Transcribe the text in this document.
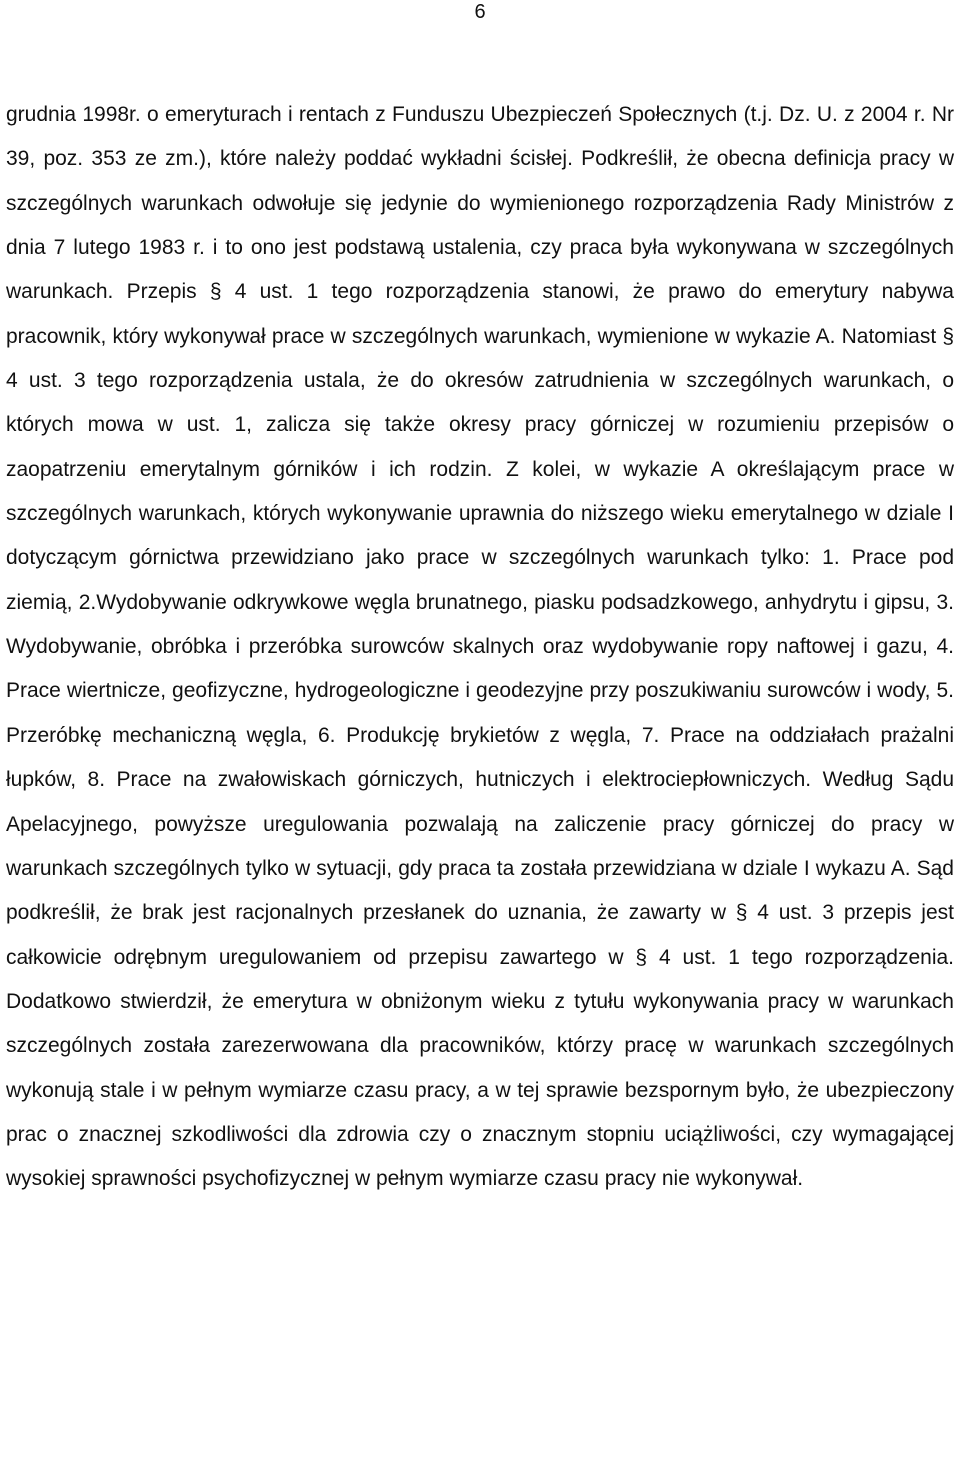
6

grudnia 1998r. o emeryturach i rentach z Funduszu Ubezpieczeń Społecznych (t.j. Dz. U. z 2004 r. Nr 39, poz. 353 ze zm.), które należy poddać wykładni ścisłej. Podkreślił, że obecna definicja pracy w szczególnych warunkach odwołuje się jedynie do wymienionego rozporządzenia Rady Ministrów z dnia 7 lutego 1983 r. i to ono jest podstawą ustalenia, czy praca była wykonywana w szczególnych warunkach. Przepis § 4 ust. 1 tego rozporządzenia stanowi, że prawo do emerytury nabywa pracownik, który wykonywał prace w szczególnych warunkach, wymienione w wykazie A. Natomiast § 4 ust. 3 tego rozporządzenia ustala, że do okresów zatrudnienia w szczególnych warunkach, o których mowa w ust. 1, zalicza się także okresy pracy górniczej w rozumieniu przepisów o zaopatrzeniu emerytalnym górników i ich rodzin. Z kolei, w wykazie A określającym prace w szczególnych warunkach, których wykonywanie uprawnia do niższego wieku emerytalnego w dziale I dotyczącym górnictwa przewidziano jako prace w szczególnych warunkach tylko: 1. Prace pod ziemią, 2.Wydobywanie odkrywkowe węgla brunatnego, piasku podsadzkowego, anhydrytu i gipsu, 3. Wydobywanie, obróbka i przeróbka surowców skalnych oraz wydobywanie ropy naftowej i gazu, 4. Prace wiertnicze, geofizyczne, hydrogeologiczne i geodezyjne przy poszukiwaniu surowców i wody, 5. Przeróbkę mechaniczną węgla, 6. Produkcję brykietów z węgla, 7. Prace na oddziałach prażalni łupków, 8. Prace na zwałowiskach górniczych, hutniczych i elektrociepłowniczych. Według Sądu Apelacyjnego, powyższe uregulowania pozwalają na zaliczenie pracy górniczej do pracy w warunkach szczególnych tylko w sytuacji, gdy praca ta została przewidziana w dziale I wykazu A. Sąd podkreślił, że brak jest racjonalnych przesłanek do uznania, że zawarty w § 4 ust. 3 przepis jest całkowicie odrębnym uregulowaniem od przepisu zawartego w § 4 ust. 1 tego rozporządzenia. Dodatkowo stwierdził, że emerytura w obniżonym wieku z tytułu wykonywania pracy w warunkach szczególnych została zarezerwowana dla pracowników, którzy pracę w warunkach szczególnych wykonują stale i w pełnym wymiarze czasu pracy, a w tej sprawie bezspornym było, że ubezpieczony prac o znacznej szkodliwości dla zdrowia czy o znacznym stopniu uciążliwości, czy wymagającej wysokiej sprawności psychofizycznej w pełnym wymiarze czasu pracy nie wykonywał.
